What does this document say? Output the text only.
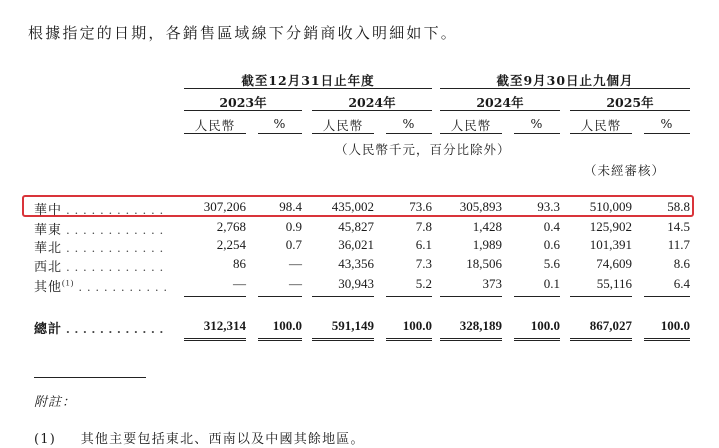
根據指定的日期，各銷售區域線下分銷商收入明細如下。
截至12月31日止年度	截至9月30日止九個月
2023年	2024年	2024年	2025年
人民幣	%	人民幣	%	人民幣	%	人民幣	%
（人民幣千元，百分比除外）
（未經審核）
華中 . . . . . . . . . . . .	307,206	98.4 435,002	73.6 305,893	93.3 510,009	58.8
華東 . . . . . . . . . . . .	2,768	0.9	45,827	7.8	1,428	0.4 125,902	14.5
華北 . . . . . . . . . . . .	2,254	0.7	36,021	6.1	1,989	0.6 101,391	11.7
西北 . . . . . . . . . . . .	86	—	43,356	7.3	18,506	5.6	74,609	8.6
其他$^{(1)}$ . . . . . . . . . . .	—	—	30,943	5.2	373	0.1	55,116	6.4
總計 . . . . . . . . . . . .	312,314 100.0 591,149 100.0 328,189 100.0 867,027 100.0
附註：
(1) 其他主要包括東北、西南以及中國其餘地區。
